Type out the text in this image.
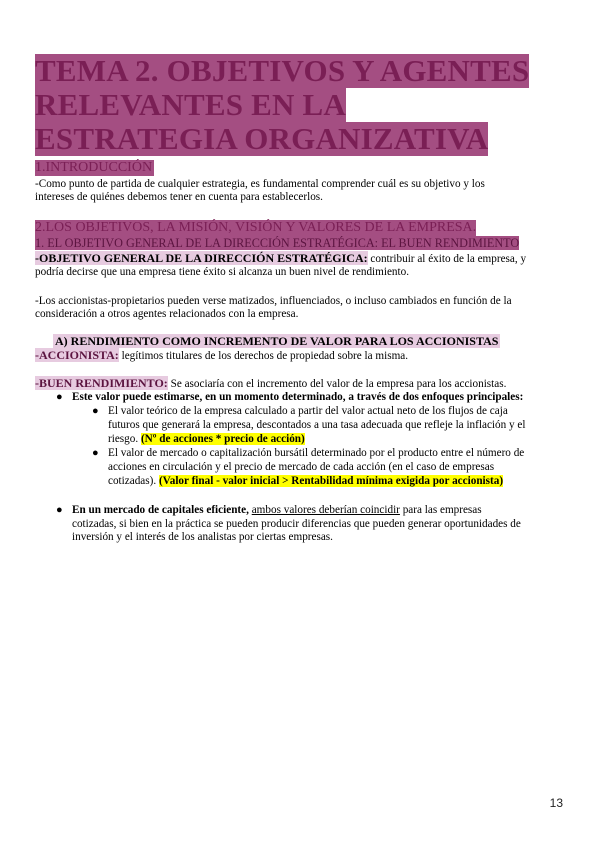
TEMA 2. OBJETIVOS Y AGENTES
RELEVANTES EN LA
ESTRATEGIA ORGANIZATIVA
1.INTRODUCCIÓN
-Como punto de partida de cualquier estrategia, es fundamental comprender cuál es su objetivo y los
intereses de quiénes debemos tener en cuenta para establecerlos.
2.LOS OBJETIVOS, LA MISIÓN, VISIÓN Y VALORES DE LA EMPRESA.
1. EL OBJETIVO GENERAL DE LA DIRECCIÓN ESTRATÉGICA: EL BUEN RENDIMIENTO
-OBJETIVO GENERAL DE LA DIRECCIÓN ESTRATÉGICA: contribuir al éxito de la empresa, y
podría decirse que una empresa tiene éxito si alcanza un buen nivel de rendimiento.
-Los accionistas-propietarios pueden verse matizados, influenciados, o incluso cambiados en función de la
consideración a otros agentes relacionados con la empresa.
A) RENDIMIENTO COMO INCREMENTO DE VALOR PARA LOS ACCIONISTAS
-ACCIONISTA: legítimos titulares de los derechos de propiedad sobre la misma.
-BUEN RENDIMIENTO: Se asociaría con el incremento del valor de la empresa para los accionistas.
● Este valor puede estimarse, en un momento determinado, a través de dos enfoques principales:
● El valor teórico de la empresa calculado a partir del valor actual neto de los flujos de caja
futuros que generará la empresa, descontados a una tasa adecuada que refleje la inflación y el
riesgo. (Nº de acciones * precio de acción)
● El valor de mercado o capitalización bursátil determinado por el producto entre el número de
acciones en circulación y el precio de mercado de cada acción (en el caso de empresas
cotizadas). (Valor final - valor inicial > Rentabilidad mínima exigida por accionista)
● En un mercado de capitales eficiente, ambos valores deberían coincidir para las empresas
cotizadas, si bien en la práctica se pueden producir diferencias que pueden generar oportunidades de
inversión y el interés de los analistas por ciertas empresas.
13
